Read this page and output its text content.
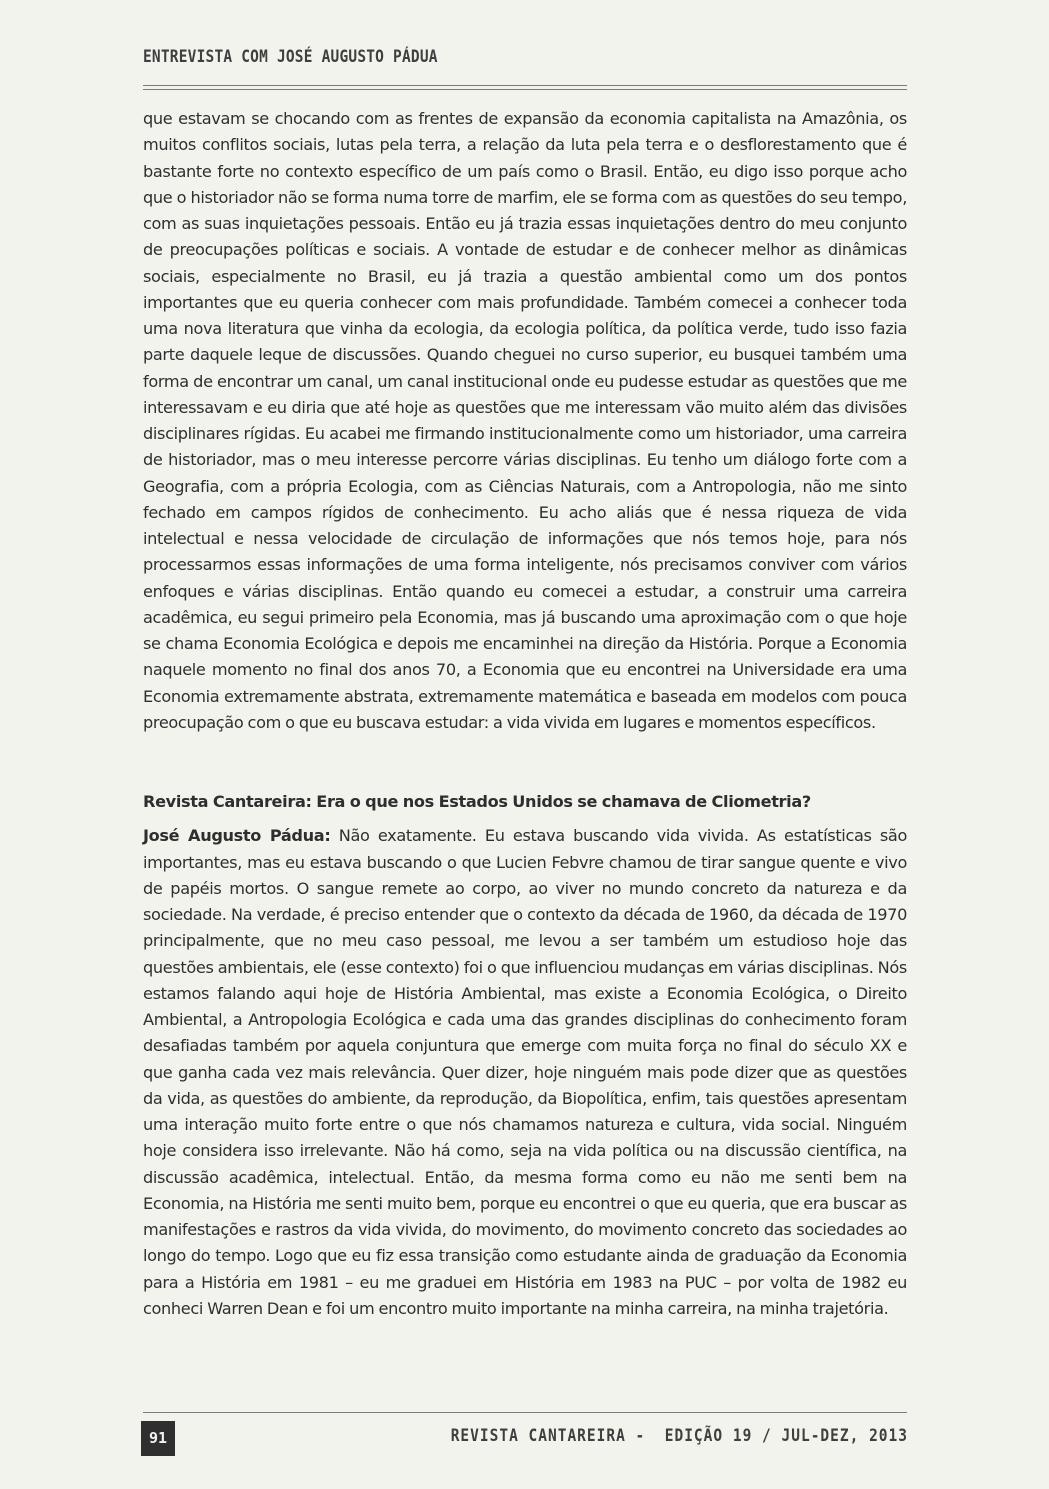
ENTREVISTA COM JOSÉ AUGUSTO PÁDUA

que estavam se chocando com as frentes de expansão da economia capitalista na Amazônia, os muitos conflitos sociais, lutas pela terra, a relação da luta pela terra e o desflorestamento que é bastante forte no contexto específico de um país como o Brasil. Então, eu digo isso porque acho que o historiador não se forma numa torre de marfim, ele se forma com as questões do seu tempo, com as suas inquietações pessoais. Então eu já trazia essas inquietações dentro do meu conjunto de preocupações políticas e sociais. A vontade de estudar e de conhecer melhor as dinâmicas sociais, especialmente no Brasil, eu já trazia a questão ambiental como um dos pontos importantes que eu queria conhecer com mais profundidade. Também comecei a conhecer toda uma nova literatura que vinha da ecologia, da ecologia política, da política verde, tudo isso fazia parte daquele leque de discussões. Quando cheguei no curso superior, eu busquei também uma forma de encontrar um canal, um canal institucional onde eu pudesse estudar as questões que me interessavam e eu diria que até hoje as questões que me interessam vão muito além das divisões disciplinares rígidas. Eu acabei me firmando institucionalmente como um historiador, uma carreira de historiador, mas o meu interesse percorre várias disciplinas. Eu tenho um diálogo forte com a Geografia, com a própria Ecologia, com as Ciências Naturais, com a Antropologia, não me sinto fechado em campos rígidos de conhecimento. Eu acho aliás que é nessa riqueza de vida intelectual e nessa velocidade de circulação de informações que nós temos hoje, para nós processarmos essas informações de uma forma inteligente, nós precisamos conviver com vários enfoques e várias disciplinas. Então quando eu comecei a estudar, a construir uma carreira acadêmica, eu segui primeiro pela Economia, mas já buscando uma aproximação com o que hoje se chama Economia Ecológica e depois me encaminhei na direção da História. Porque a Economia naquele momento no final dos anos 70, a Economia que eu encontrei na Universidade era uma Economia extremamente abstrata, extremamente matemática e baseada em modelos com pouca preocupação com o que eu buscava estudar: a vida vivida em lugares e momentos específicos.

Revista Cantareira: Era o que nos Estados Unidos se chamava de Cliometria?

José Augusto Pádua: Não exatamente. Eu estava buscando vida vivida. As estatísticas são importantes, mas eu estava buscando o que Lucien Febvre chamou de tirar sangue quente e vivo de papéis mortos. O sangue remete ao corpo, ao viver no mundo concreto da natureza e da sociedade. Na verdade, é preciso entender que o contexto da década de 1960, da década de 1970 principalmente, que no meu caso pessoal, me levou a ser também um estudioso hoje das questões ambientais, ele (esse contexto) foi o que influenciou mudanças em várias disciplinas. Nós estamos falando aqui hoje de História Ambiental, mas existe a Economia Ecológica, o Direito Ambiental, a Antropologia Ecológica e cada uma das grandes disciplinas do conhecimento foram desafiadas também por aquela conjuntura que emerge com muita força no final do século XX e que ganha cada vez mais relevância. Quer dizer, hoje ninguém mais pode dizer que as questões da vida, as questões do ambiente, da reprodução, da Biopolítica, enfim, tais questões apresentam uma interação muito forte entre o que nós chamamos natureza e cultura, vida social. Ninguém hoje considera isso irrelevante. Não há como, seja na vida política ou na discussão científica, na discussão acadêmica, intelectual. Então, da mesma forma como eu não me senti bem na Economia, na História me senti muito bem, porque eu encontrei o que eu queria, que era buscar as manifestações e rastros da vida vivida, do movimento, do movimento concreto das sociedades ao longo do tempo. Logo que eu fiz essa transição como estudante ainda de graduação da Economia para a História em 1981 – eu me graduei em História em 1983 na PUC – por volta de 1982 eu conheci Warren Dean e foi um encontro muito importante na minha carreira, na minha trajetória.

91	REVISTA CANTAREIRA -  EDIÇÃO 19 / JUL-DEZ, 2013
